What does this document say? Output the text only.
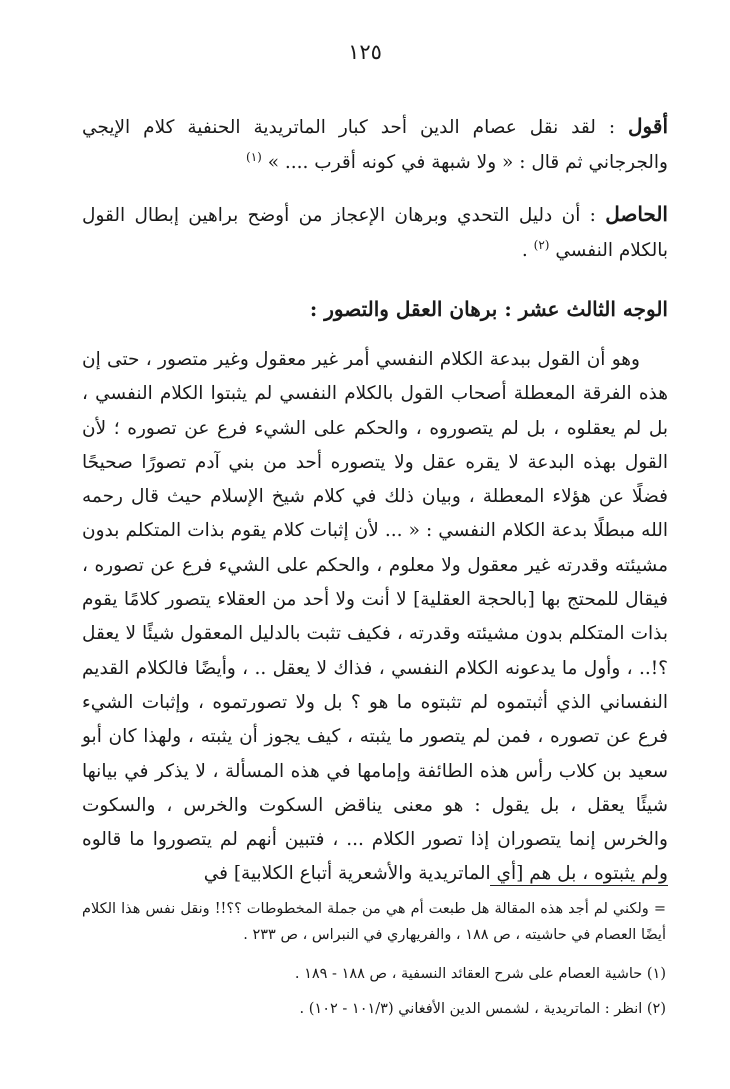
١٢٥
أقول : لقد نقل عصام الدين أحد كبار الماتريدية الحنفية كلام الإيجي والجرجاني ثم قال : « ولا شبهة في كونه أقرب .... » $^{(١)}$
الحاصل : أن دليل التحدي وبرهان الإعجاز من أوضح براهين إبطال القول بالكلام النفسي $^{(٢)}$ .
الوجه الثالث عشر : برهان العقل والتصور :
وهو أن القول ببدعة الكلام النفسي أمر غير معقول وغير متصور ، حتى إن هذه الفرقة المعطلة أصحاب القول بالكلام النفسي لم يثبتوا الكلام النفسي ، بل لم يعقلوه ، بل لم يتصوروه ، والحكم على الشيء فرع عن تصوره ؛ لأن القول بهذه البدعة لا يقره عقل ولا يتصوره أحد من بني آدم تصورًا صحيحًا فضلًا عن هؤلاء المعطلة ، وبيان ذلك في كلام شيخ الإسلام حيث قال رحمه الله مبطلًا بدعة الكلام النفسي : « ... لأن إثبات كلام يقوم بذات المتكلم بدون مشيئته وقدرته غير معقول ولا معلوم ، والحكم على الشيء فرع عن تصوره ، فيقال للمحتج بها [بالحجة العقلية] لا أنت ولا أحد من العقلاء يتصور كلامًا يقوم بذات المتكلم بدون مشيئته وقدرته ، فكيف تثبت بالدليل المعقول شيئًا لا يعقل ؟!.. ، وأول ما يدعونه الكلام النفسي ، فذاك لا يعقل .. ، وأيضًا فالكلام القديم النفساني الذي أثبتموه لم تثبتوه ما هو ؟ بل ولا تصورتموه ، وإثبات الشيء فرع عن تصوره ، فمن لم يتصور ما يثبته ، كيف يجوز أن يثبته ، ولهذا كان أبو سعيد بن كلاب رأس هذه الطائفة وإمامها في هذه المسألة ، لا يذكر في بيانها شيئًا يعقل ، بل يقول : هو معنى يناقض السكوت والخرس ، والسكوت والخرس إنما يتصوران إذا تصور الكلام ... ، فتبين أنهم لم يتصوروا ما قالوه ولم يثبتوه ، بل هم [أي الماتريدية والأشعرية أتباع الكلابية] في
= ولكني لم أجد هذه المقالة هل طبعت أم هي من جملة المخطوطات ؟؟!! ونقل نفس هذا الكلام أيضًا العصام في حاشيته ، ص ١٨٨ ، والفريهاري في النبراس ، ص ٢٣٣ .
(١) حاشية العصام على شرح العقائد النسفية ، ص ١٨٨ - ١٨٩ .
(٢) انظر : الماتريدية ، لشمس الدين الأفغاني (١٠١/٣ - ١٠٢) .
